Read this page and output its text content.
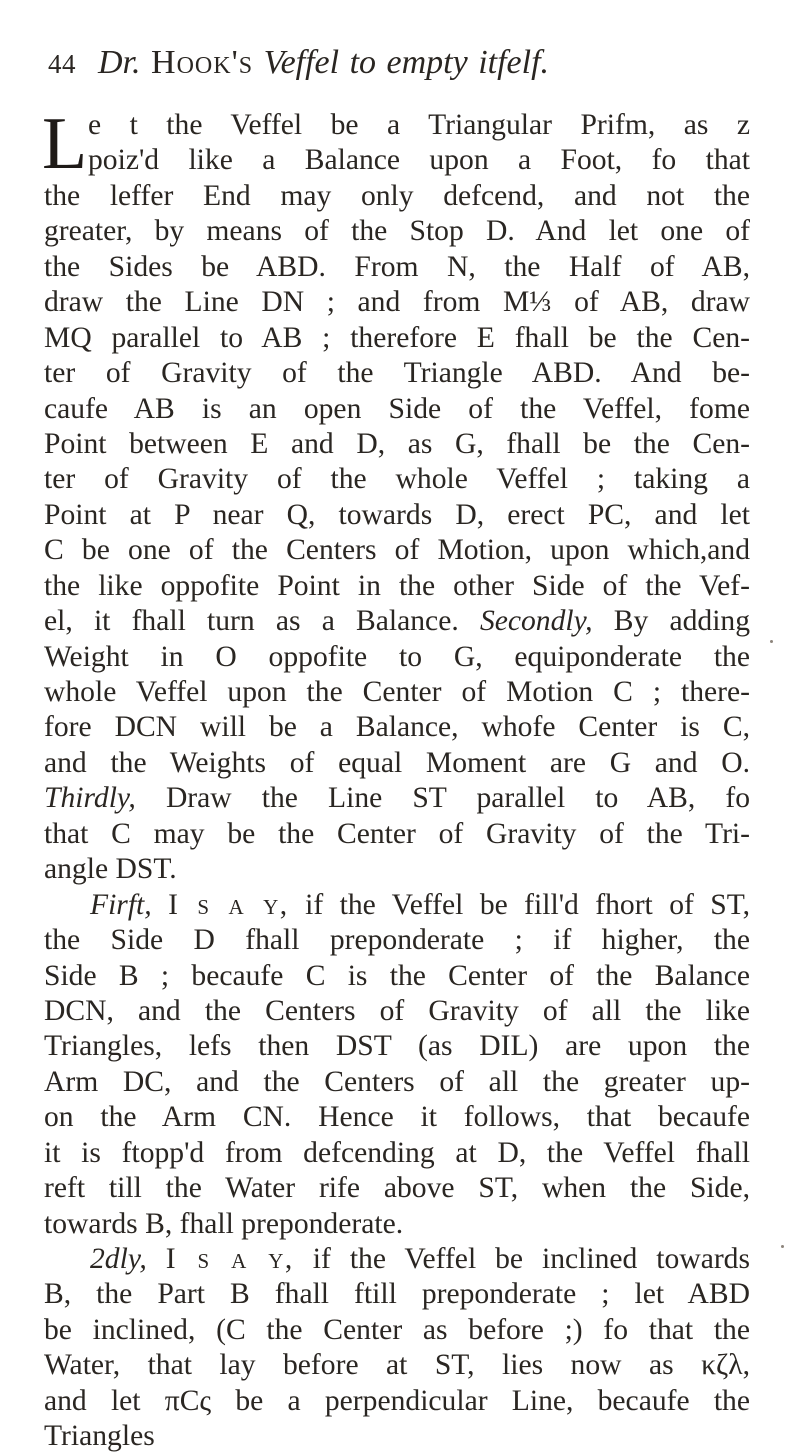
44 Dr. Hook's Veffel to empty itfelf.
L e t the Veffel be a Triangular Prifm, as z
poiz'd like a Balance upon a Foot, fo that
the leffer End may only defcend, and not the
greater, by means of the Stop D. And let one of
the Sides be ABD. From N, the Half of AB,
draw the Line DN ; and from M⅓ of AB, draw
MQ parallel to AB ; therefore E fhall be the Cen-
ter of Gravity of the Triangle ABD. And be-
caufe AB is an open Side of the Veffel, fome
Point between E and D, as G, fhall be the Cen-
ter of Gravity of the whole Veffel ; taking a
Point at P near Q, towards D, erect PC, and let
C be one of the Centers of Motion, upon which,and
the like oppofite Point in the other Side of the Vef-
el, it fhall turn as a Balance. Secondly, By adding
Weight in O oppofite to G, equiponderate the
whole Veffel upon the Center of Motion C ; there-
fore DCN will be a Balance, whofe Center is C,
and the Weights of equal Moment are G and O.
Thirdly, Draw the Line ST parallel to AB, fo
that C may be the Center of Gravity of the Tri-
angle DST.
Firft, I s a y, if the Veffel be fill'd fhort of ST,
the Side D fhall preponderate ; if higher, the
Side B ; becaufe C is the Center of the Balance
DCN, and the Centers of Gravity of all the like
Triangles, lefs then DST (as DIL) are upon the
Arm DC, and the Centers of all the greater up-
on the Arm CN. Hence it follows, that becaufe
it is ftopp'd from defcending at D, the Veffel fhall
reft till the Water rife above ST, when the Side,
towards B, fhall preponderate.
2dly, I s a y, if the Veffel be inclined towards
B, the Part B fhall ftill preponderate ; let ABD
be inclined, (C the Center as before ;) fo that the
Water, that lay before at ST, lies now as κζλ,
and let πCς be a perpendicular Line, becaufe the
Triangles
